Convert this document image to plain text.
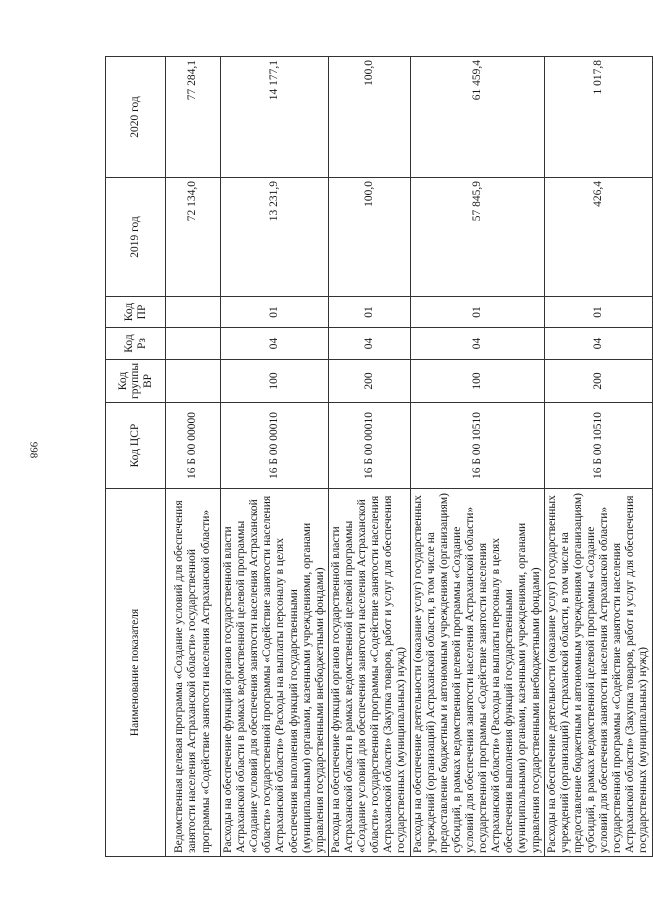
998
Наименование показателя	Код ЦСР	Код группы ВР	Код Рз	Код ПР	2019 год	2020 год
Ведомственная целевая программа «Создание условий для обеспечения занятости населения Астраханской области» государственной программы «Содействие занятости населения Астраханской области»	16 Б 00 00000				72 134,0	77 284,1
Расходы на обеспечение функций органов государственной власти Астраханской области в рамках ведомственной целевой программы «Создание условий для обеспечения занятости населения Астраханской области» государственной программы «Содействие занятости населения Астраханской области» (Расходы на выплаты персоналу в целях обеспечения выполнения функций государственными (муниципальными) органами, казенными учреждениями, органами управления государственными внебюджетными фондами)	16 Б 00 00010	100	04	01	13 231,9	14 177,1
Расходы на обеспечение функций органов государственной власти Астраханской области в рамках ведомственной целевой программы «Создание условий для обеспечения занятости населения Астраханской области» государственной программы «Содействие занятости населения Астраханской области» (Закупка товаров, работ и услуг для обеспечения государственных (муниципальных) нужд)	16 Б 00 00010	200	04	01	100,0	100,0
Расходы на обеспечение деятельности (оказание услуг) государственных учреждений (организаций) Астраханской области, в том числе на предоставление бюджетным и автономным учреждениям (организациям) субсидий, в рамках ведомственной целевой программы «Создание условий для обеспечения занятости населения Астраханской области» государственной программы «Содействие занятости населения Астраханской области» (Расходы на выплаты персоналу в целях обеспечения выполнения функций государственными (муниципальными) органами, казенными учреждениями, органами управления государственными внебюджетными фондами)	16 Б 00 10510	100	04	01	57 845,9	61 459,4
Расходы на обеспечение деятельности (оказание услуг) государственных учреждений (организаций) Астраханской области, в том числе на предоставление бюджетным и автономным учреждениям (организациям) субсидий, в рамках ведомственной целевой программы «Создание условий для обеспечения занятости населения Астраханской области» государственной программы «Содействие занятости населения Астраханской области» (Закупка товаров, работ и услуг для обеспечения государственных (муниципальных) нужд)	16 Б 00 10510	200	04	01	426,4	1 017,8
